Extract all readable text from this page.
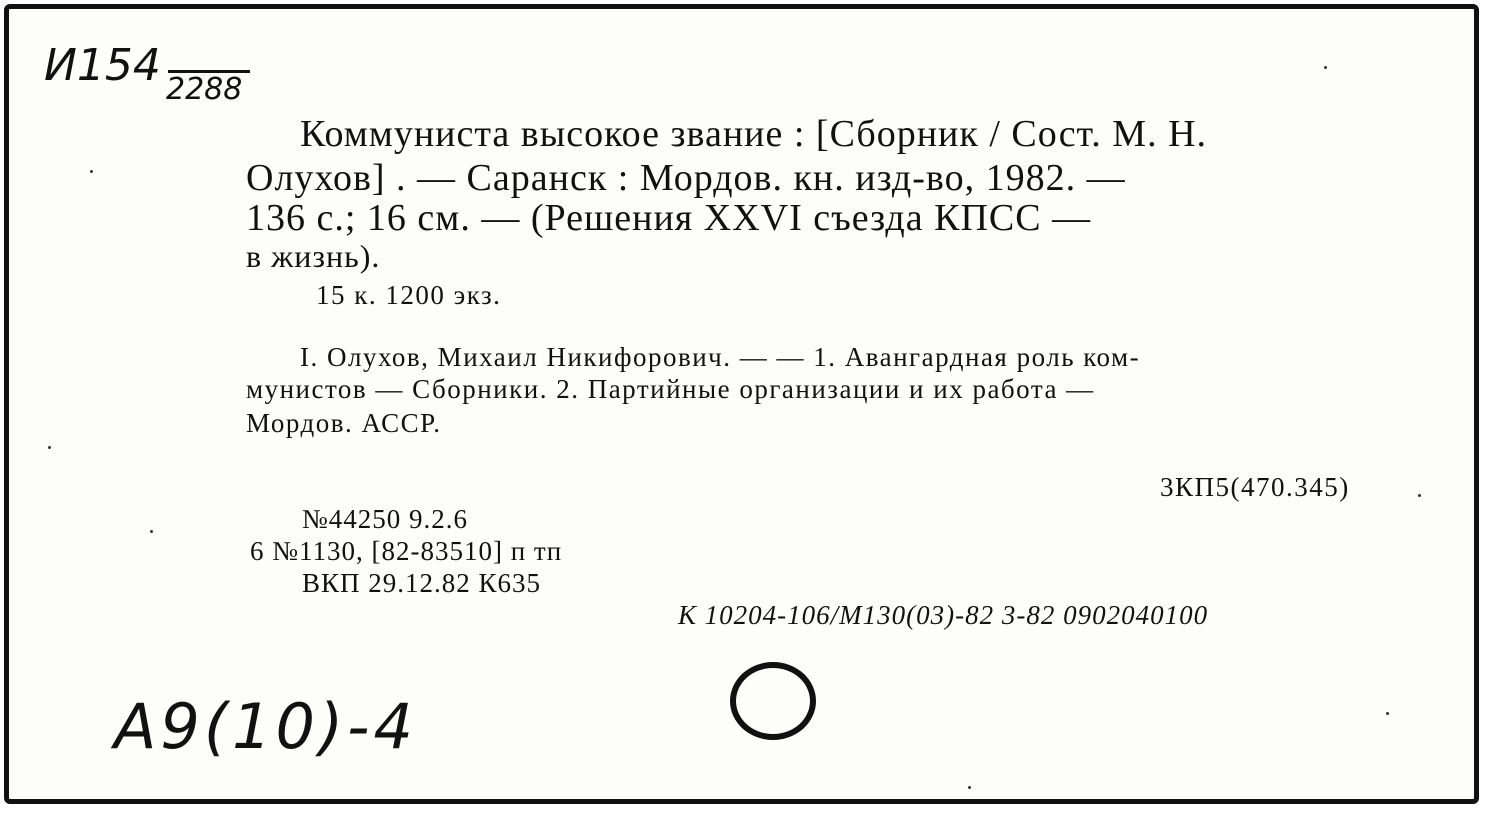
И154 2288
Коммуниста высокое звание : [Сборник / Сост. М. Н.
Олухов] . — Саранск : Мордов. кн. изд-во, 1982. —
136 с.; 16 см. — (Решения XXVI съезда КПСС —
в жизнь).
15 к. 1200 экз.
I. Олухов, Михаил Никифорович. — — 1. Авангардная роль ком-
мунистов — Сборники. 2. Партийные организации и их работа —
Мордов. АССР.
3КП5(470.345)
№44250 9.2.6
6 №1130, [82-83510] п тп
ВКП 29.12.82 К635
К 10204-106/М130(03)-82 3-82 0902040100
А9(10)-4
